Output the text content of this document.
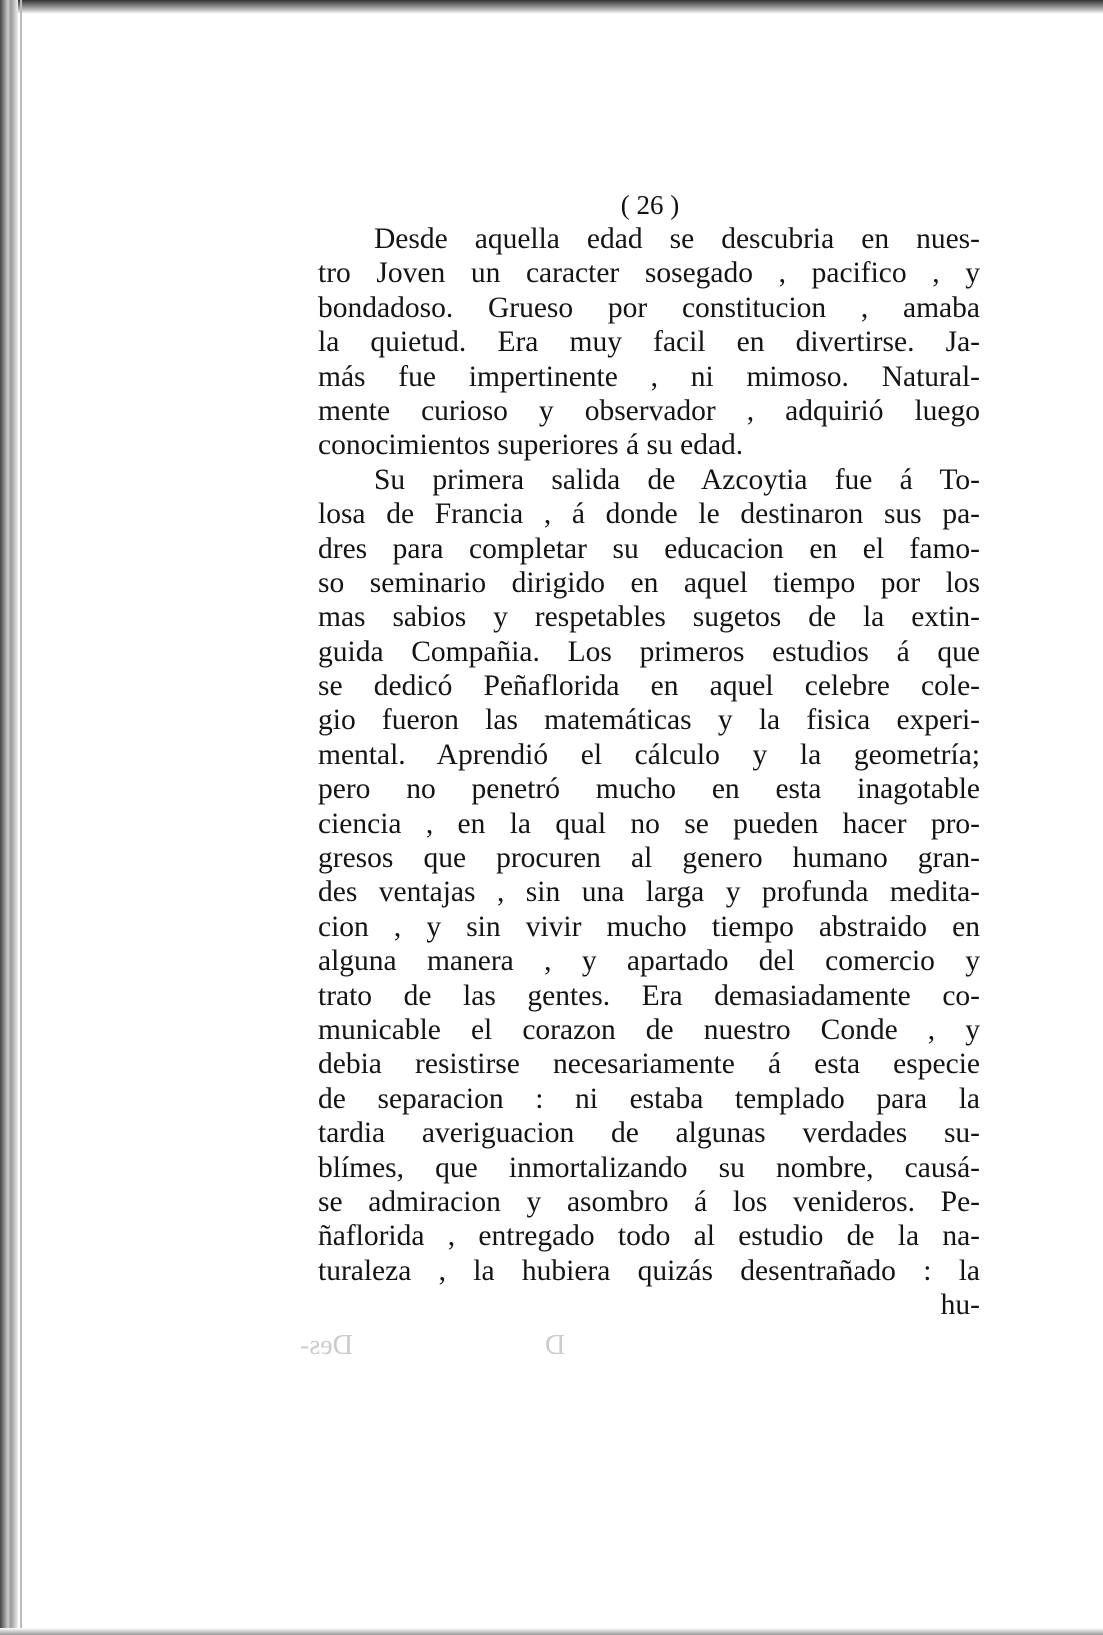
( 26 )
Desde aquella edad se descubria en nues-
tro Joven un caracter sosegado , pacifico , y
bondadoso. Grueso por constitucion , amaba
la quietud. Era muy facil en divertirse. Ja-
más fue impertinente , ni mimoso. Natural-
mente curioso y observador , adquirió luego
conocimientos superiores á su edad.
Su primera salida de Azcoytia fue á To-
losa de Francia , á donde le destinaron sus pa-
dres para completar su educacion en el famo-
so seminario dirigido en aquel tiempo por los
mas sabios y respetables sugetos de la extin-
guida Compañia. Los primeros estudios á que
se dedicó Peñaflorida en aquel celebre cole-
gio fueron las matemáticas y la fisica experi-
mental. Aprendió el cálculo y la geometría;
pero no penetró mucho en esta inagotable
ciencia , en la qual no se pueden hacer pro-
gresos que procuren al genero humano gran-
des ventajas , sin una larga y profunda medita-
cion , y sin vivir mucho tiempo abstraido en
alguna manera , y apartado del comercio y
trato de las gentes. Era demasiadamente co-
municable el corazon de nuestro Conde , y
debia resistirse necesariamente á esta especie
de separacion : ni estaba templado para la
tardia averiguacion de algunas verdades su-
blímes, que inmortalizando su nombre, causá-
se admiracion y asombro á los venideros. Pe-
ñaflorida , entregado todo al estudio de la na-
turaleza , la hubiera quizás desentrañado : la
hu-
Des-	D
